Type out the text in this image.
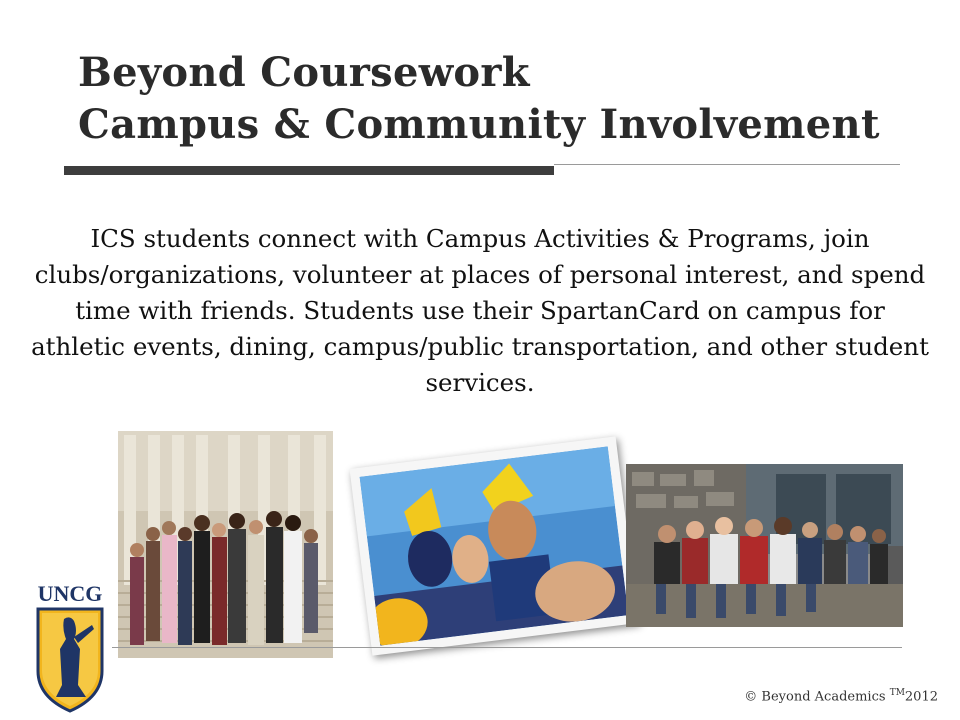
Beyond Coursework
Campus & Community Involvement

ICS students connect with Campus Activities & Programs, join clubs/organizations, volunteer at places of personal interest, and spend time with friends. Students use their SpartanCard on campus for athletic events, dining, campus/public transportation, and other student services.

UNCG
© Beyond Academics ™2012
